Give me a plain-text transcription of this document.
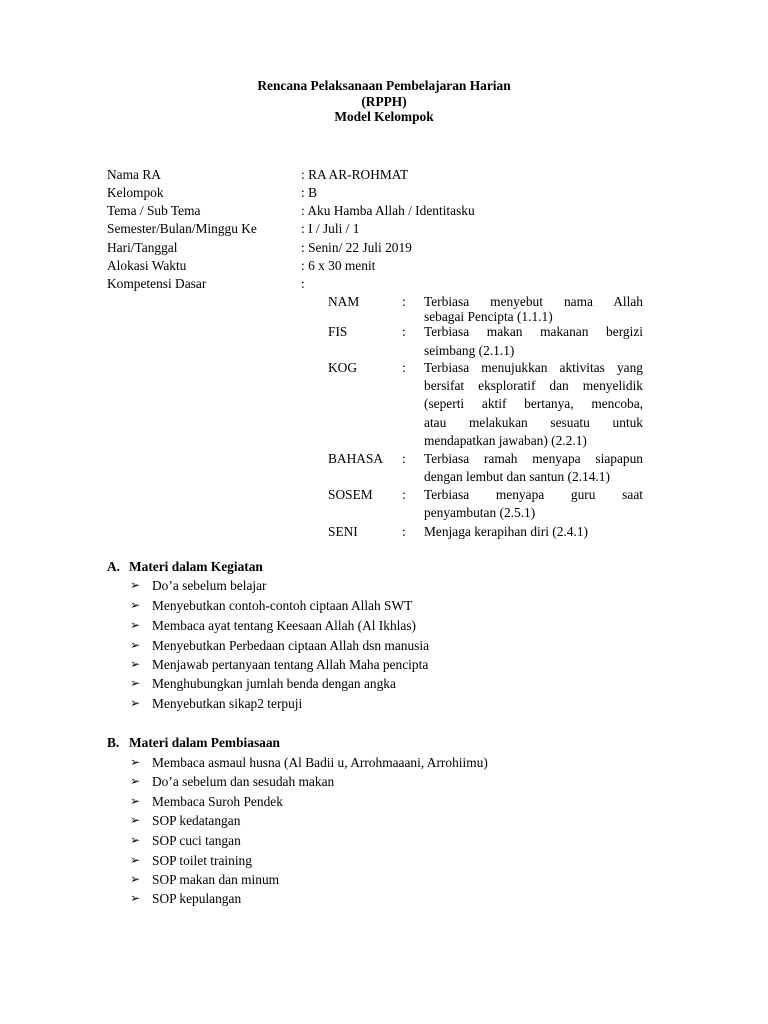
Rencana Pelaksanaan Pembelajaran Harian
(RPPH)
Model Kelompok
Nama RA	: RA AR-ROHMAT
Kelompok	: B
Tema / Sub Tema	: Aku Hamba Allah / Identitasku
Semester/Bulan/Minggu Ke	: I / Juli / 1
Hari/Tanggal	: Senin/ 22 Juli 2019
Alokasi Waktu	: 6 x 30 menit
Kompetensi Dasar	:
NAM	: Terbiasa menyebut nama Allah
sebagai Pencipta (1.1.1)
FIS	: Terbiasa makan makanan bergizi
seimbang (2.1.1)
KOG	: Terbiasa menujukkan aktivitas yang
bersifat eksploratif dan menyelidik
(seperti aktif bertanya, mencoba,
atau melakukan sesuatu untuk
mendapatkan jawaban) (2.2.1)
BAHASA : Terbiasa ramah menyapa siapapun
dengan lembut dan santun (2.14.1)
SOSEM : Terbiasa menyapa guru saat
penyambutan (2.5.1)
SENI	: Menjaga kerapihan diri (2.4.1)
A. Materi dalam Kegiatan
➢ Do’a sebelum belajar
➢ Menyebutkan contoh-contoh ciptaan Allah SWT
➢ Membaca ayat tentang Keesaan Allah (Al Ikhlas)
➢ Menyebutkan Perbedaan ciptaan Allah dsn manusia
➢ Menjawab pertanyaan tentang Allah Maha pencipta
➢ Menghubungkan jumlah benda dengan angka
➢ Menyebutkan sikap2 terpuji
B. Materi dalam Pembiasaan
➢ Membaca asmaul husna (Al Badii u, Arrohmaaani, Arrohiimu)
➢ Do’a sebelum dan sesudah makan
➢ Membaca Suroh Pendek
➢ SOP kedatangan
➢ SOP cuci tangan
➢ SOP toilet training
➢ SOP makan dan minum
➢ SOP kepulangan
